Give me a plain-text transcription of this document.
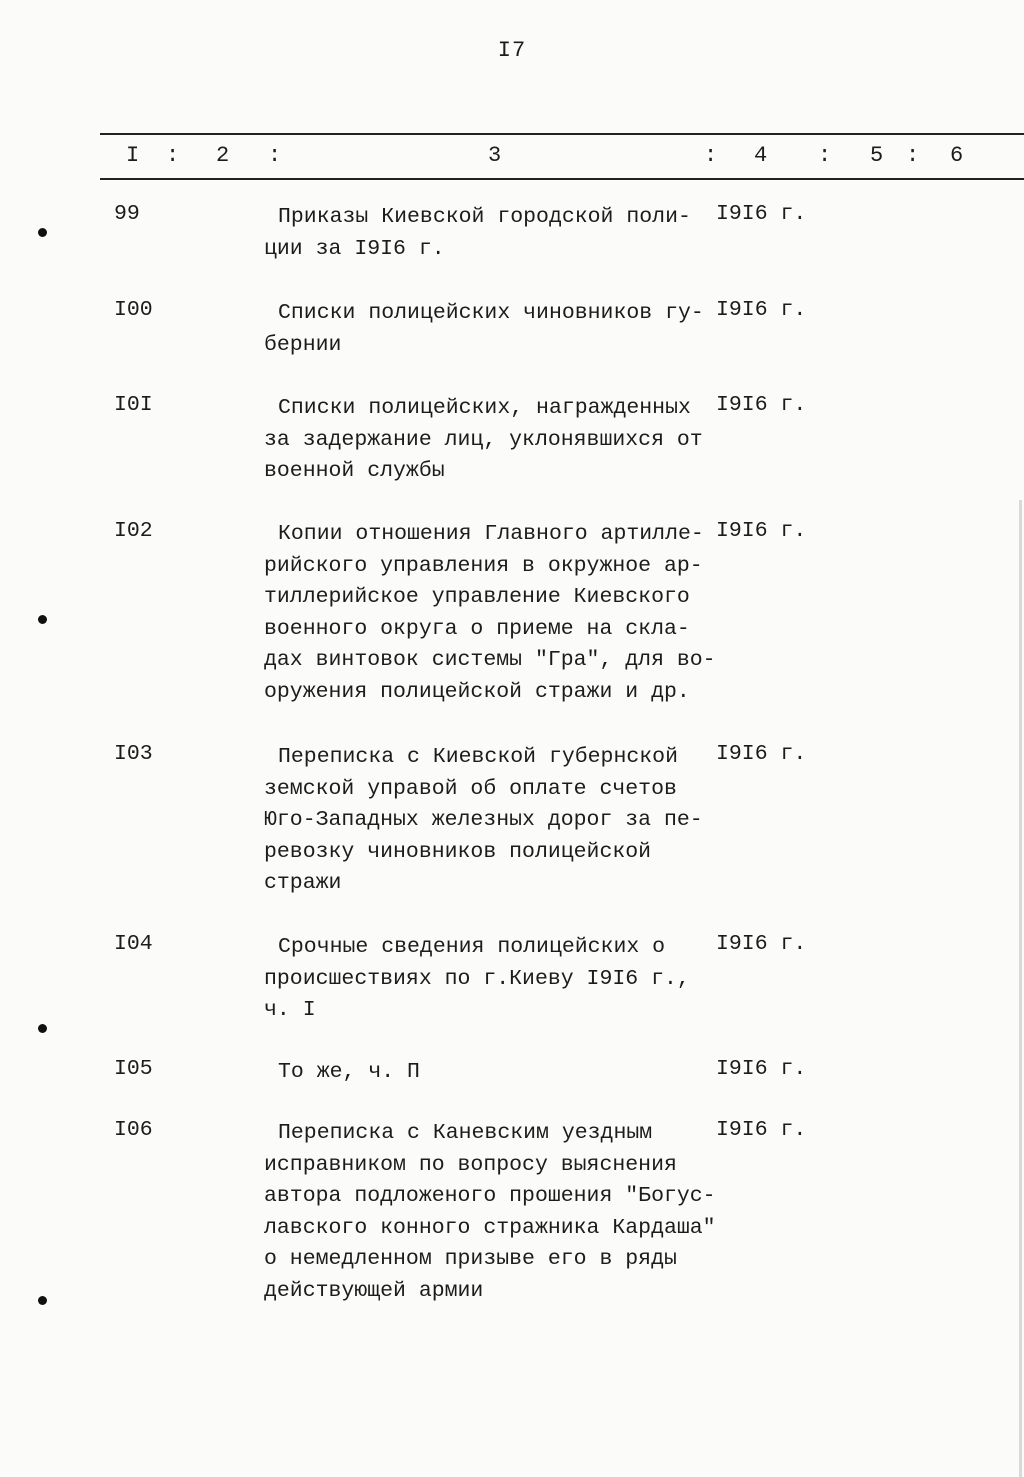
I7
I : 2 :	3	: 4 : 5 : 6
99	Приказы Киевской городской поли-
ции за I9I6 г.
I9I6 г.
I00	Списки полицейских чиновников гу-
бернии
I9I6 г.
I0I	Списки полицейских, награжденных
за задержание лиц, уклонявшихся от
военной службы
I9I6 г.
I02	Копии отношения Главного артилле-
рийского управления в окружное ар-
тиллерийское управление Киевского
военного округа о приеме на скла-
дах винтовок системы "Гра", для во-
оружения полицейской стражи и др.
I9I6 г.
I03	Переписка с Киевской губернской
земской управой об оплате счетов
Юго-Западных железных дорог за пе-
ревозку чиновников полицейской
стражи
I9I6 г.
I04	Срочные сведения полицейских о
происшествиях по г.Киеву I9I6 г.,
ч. I
I9I6 г.
I05	То же, ч. П	I9I6 г.
I06	Переписка с Каневским уездным
исправником по вопросу выяснения
автора подложеного прошения "Богус-
лавского конного стражника Кардаша"
о немедленном призыве его в ряды
действующей армии
I9I6 г.
